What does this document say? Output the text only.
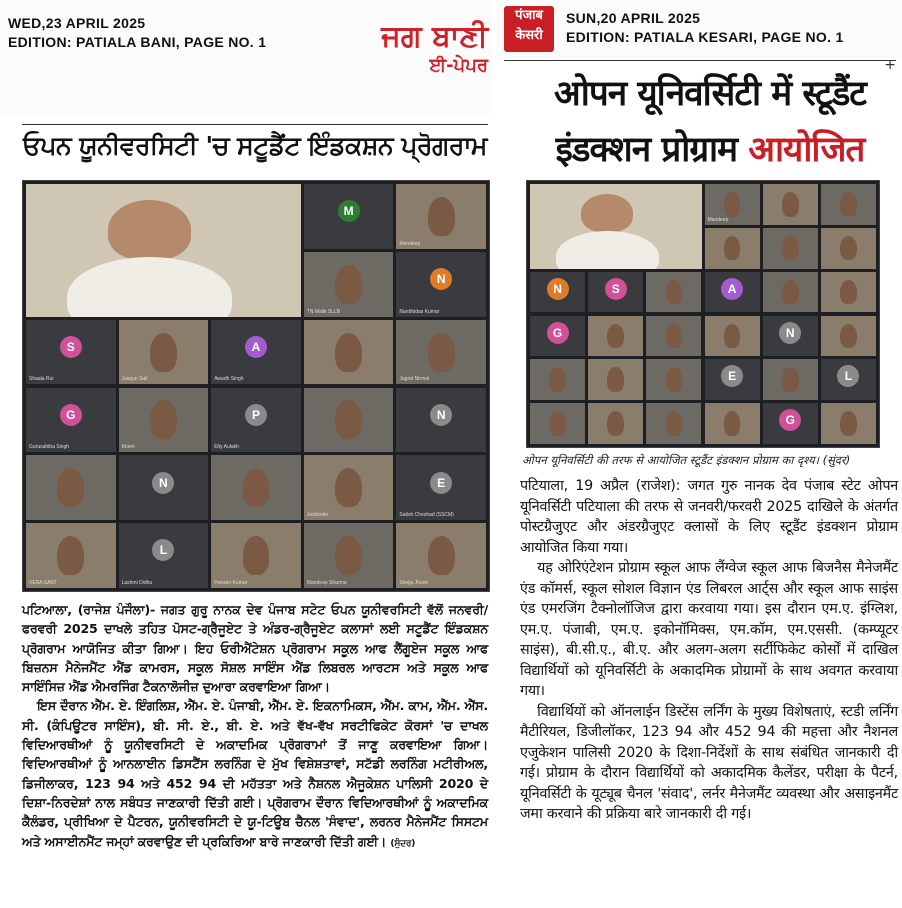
WED,23 APRIL 2025
EDITION: PATIALA BANI, PAGE NO. 1	ਜਗ ਬਾਣੀ
ਈ-ਪੇਪਰ
ਓਪਨ ਯੂਨੀਵਰਸਿਟੀ 'ਚ ਸਟੂਡੈਂਟ ਇੰਡਕਸ਼ਨ ਪ੍ਰੋਗਰਾਮ
M
Mandeep
TN Malik SLLB
N
Nanbhidas Kumar
S
Shaala Rui	Jasgun Suli
A
Awadh Singh	Jagrat Nirmal
G
Gurusahiba Singh	Khem
P
Elty Aulakh
N
N
Jashinder
E
Satish Cheshad (SSCM)
VERA SANT
L
Lashmi Didhu	Peesen Kumar	Mandeep Sharma	Shelja Jhoon

ਪਟਿਆਲਾ, (ਰਾਜੇਸ਼ ਪੰਜੌਲਾ)- ਜਗਤ ਗੁਰੂ ਨਾਨਕ ਦੇਵ ਪੰਜਾਬ ਸਟੇਟ ਓਪਨ ਯੂਨੀਵਰਸਿਟੀ ਵੱਲੋਂ ਜਨਵਰੀ/ਫਰਵਰੀ 2025 ਦਾਖਲੇ ਤਹਿਤ ਪੋਸਟ-ਗ੍ਰੈਜੂਏਟ ਤੇ ਅੰਡਰ-ਗ੍ਰੈਜੂਏਟ ਕਲਾਸਾਂ ਲਈ ਸਟੂਡੈਂਟ ਇੰਡਕਸ਼ਨ ਪ੍ਰੋਗਰਾਮ ਆਯੋਜਿਤ ਕੀਤਾ ਗਿਆ। ਇਹ ਓਰੀਐਂਟੇਸ਼ਨ ਪ੍ਰੋਗਰਾਮ ਸਕੂਲ ਆਫ ਲੈਂਗੂਏਜ ਸਕੂਲ ਆਫ ਬਿਜ਼ਨਸ ਮੈਨੇਜਮੈਂਟ ਐਂਡ ਕਾਮਰਸ, ਸਕੂਲ ਸੋਸ਼ਲ ਸਾਇੰਸ ਐਂਡ ਲਿਬਰਲ ਆਰਟਸ ਅਤੇ ਸਕੂਲ ਆਫ ਸਾਇੰਸਿਜ਼ ਐਂਡ ਐਮਰਜਿੰਗ ਟੈਕਨਾਲੋਜੀਜ਼ ਦੁਆਰਾ ਕਰਵਾਇਆ ਗਿਆ।

ਇਸ ਦੌਰਾਨ ਐੱਮ. ਏ. ਇੰਗਲਿਸ਼, ਐੱਮ. ਏ. ਪੰਜਾਬੀ, ਐੱਮ. ਏ. ਇਕਨਾਮਿਕਸ, ਐੱਮ. ਕਾਮ, ਐੱਮ. ਐੱਸ. ਸੀ. (ਕੰਪਿਊਟਰ ਸਾਇੰਸ), ਬੀ. ਸੀ. ਏ., ਬੀ. ਏ. ਅਤੇ ਵੱਖ-ਵੱਖ ਸਰਟੀਫਿਕੇਟ ਕੋਰਸਾਂ 'ਚ ਦਾਖਲ ਵਿਦਿਆਰਥੀਆਂ ਨੂੰ ਯੂਨੀਵਰਸਿਟੀ ਦੇ ਅਕਾਦਮਿਕ ਪ੍ਰੋਗਰਾਮਾਂ ਤੋਂ ਜਾਣੂ ਕਰਵਾਇਆ ਗਿਆ। ਵਿਦਿਆਰਥੀਆਂ ਨੂੰ ਆਨਲਾਈਨ ਡਿਸਟੈਂਸ ਲਰਨਿੰਗ ਦੇ ਮੁੱਖ ਵਿਸ਼ੇਸ਼ਤਾਵਾਂ, ਸਟੱਡੀ ਲਰਨਿੰਗ ਮਟੀਰੀਅਲ, ਡਿਜੀਲਾਕਰ, 123 94 ਅਤੇ 452 94 ਦੀ ਮਹੱਤਤਾ ਅਤੇ ਨੈਸ਼ਨਲ ਐਜੂਕੇਸ਼ਨ ਪਾਲਿਸੀ 2020 ਦੇ ਦਿਸ਼ਾ-ਨਿਰਦੇਸ਼ਾਂ ਨਾਲ ਸਬੰਧਤ ਜਾਣਕਾਰੀ ਦਿੱਤੀ ਗਈ। ਪ੍ਰੋਗਰਾਮ ਦੌਰਾਨ ਵਿਦਿਆਰਥੀਆਂ ਨੂੰ ਅਕਾਦਮਿਕ ਕੈਲੰਡਰ, ਪ੍ਰੀਖਿਆ ਦੇ ਪੈਟਰਨ, ਯੂਨੀਵਰਸਿਟੀ ਦੇ ਯੂ-ਟਿਊਬ ਚੈਨਲ 'ਸੰਵਾਦ', ਲਰਨਰ ਮੈਨੇਜਮੈਂਟ ਸਿਸਟਮ ਅਤੇ ਅਸਾਈਨਮੈਂਟ ਜਮ੍ਹਾਂ ਕਰਵਾਉਣ ਦੀ ਪ੍ਰਕਿਰਿਆ ਬਾਰੇ ਜਾਣਕਾਰੀ ਦਿੱਤੀ ਗਈ। (ਸੁੰਦਰ)

पंजाब
केसरी
SUN,20 APRIL 2025
EDITION: PATIALA KESARI, PAGE NO. 1
+
ओपन यूनिवर्सिटी में स्टूडैंट
इंडक्शन प्रोग्राम आयोजित
Mandeep
N	S	A
G	N
E	L
G
ओपन यूनिवर्सिटी की तरफ से आयोजित स्टूडैंट इंडक्शन प्रोग्राम का दृश्य। (सुंदर)

पटियाला, 19 अप्रैल (राजेश): जगत गुरु नानक देव पंजाब स्टेट ओपन यूनिवर्सिटी पटियाला की तरफ से जनवरी/फरवरी 2025 दाखिले के अंतर्गत पोस्टग्रैजुएट और अंडरग्रैजुएट क्लासों के लिए स्टूडैंट इंडक्शन प्रोग्राम आयोजित किया गया।

यह ओरिएंटेशन प्रोग्राम स्कूल आफ लैंग्वेज स्कूल आफ बिजनैस मैनेजमैंट एंड कॉमर्स, स्कूल सोशल विज्ञान एंड लिबरल आर्ट्स और स्कूल आफ साइंस एंड एमरजिंग टैक्नोलॉजिज द्वारा करवाया गया। इस दौरान एम.ए. इंग्लिश, एम.ए. पंजाबी, एम.ए. इकोनॉमिक्स, एम.कॉम, एम.एससी. (कम्प्यूटर साइंस), बी.सी.ए., बी.ए. और अलग-अलग सर्टीफिकेट कोर्सों में दाखिल विद्यार्थियों को यूनिवर्सिटी के अकादमिक प्रोग्रामों के साथ अवगत करवाया गया।

विद्यार्थियों को ऑनलाईन डिस्टेंस लर्निंग के मुख्य विशेषताएं, स्टडी लर्निंग मैटीरियल, डिजीलॉकर, 123 94 और 452 94 की महत्ता और नैशनल एजुकेशन पालिसी 2020 के दिशा-निर्देशों के साथ संबंधित जानकारी दी गई। प्रोग्राम के दौरान विद्यार्थियों को अकादमिक कैलेंडर, परीक्षा के पैटर्न, यूनिवर्सिटी के यूट्यूब चैनल 'संवाद', लर्नर मैनेजमैंट व्यवस्था और असाइनमैंट जमा करवाने की प्रक्रिया बारे जानकारी दी गई।
